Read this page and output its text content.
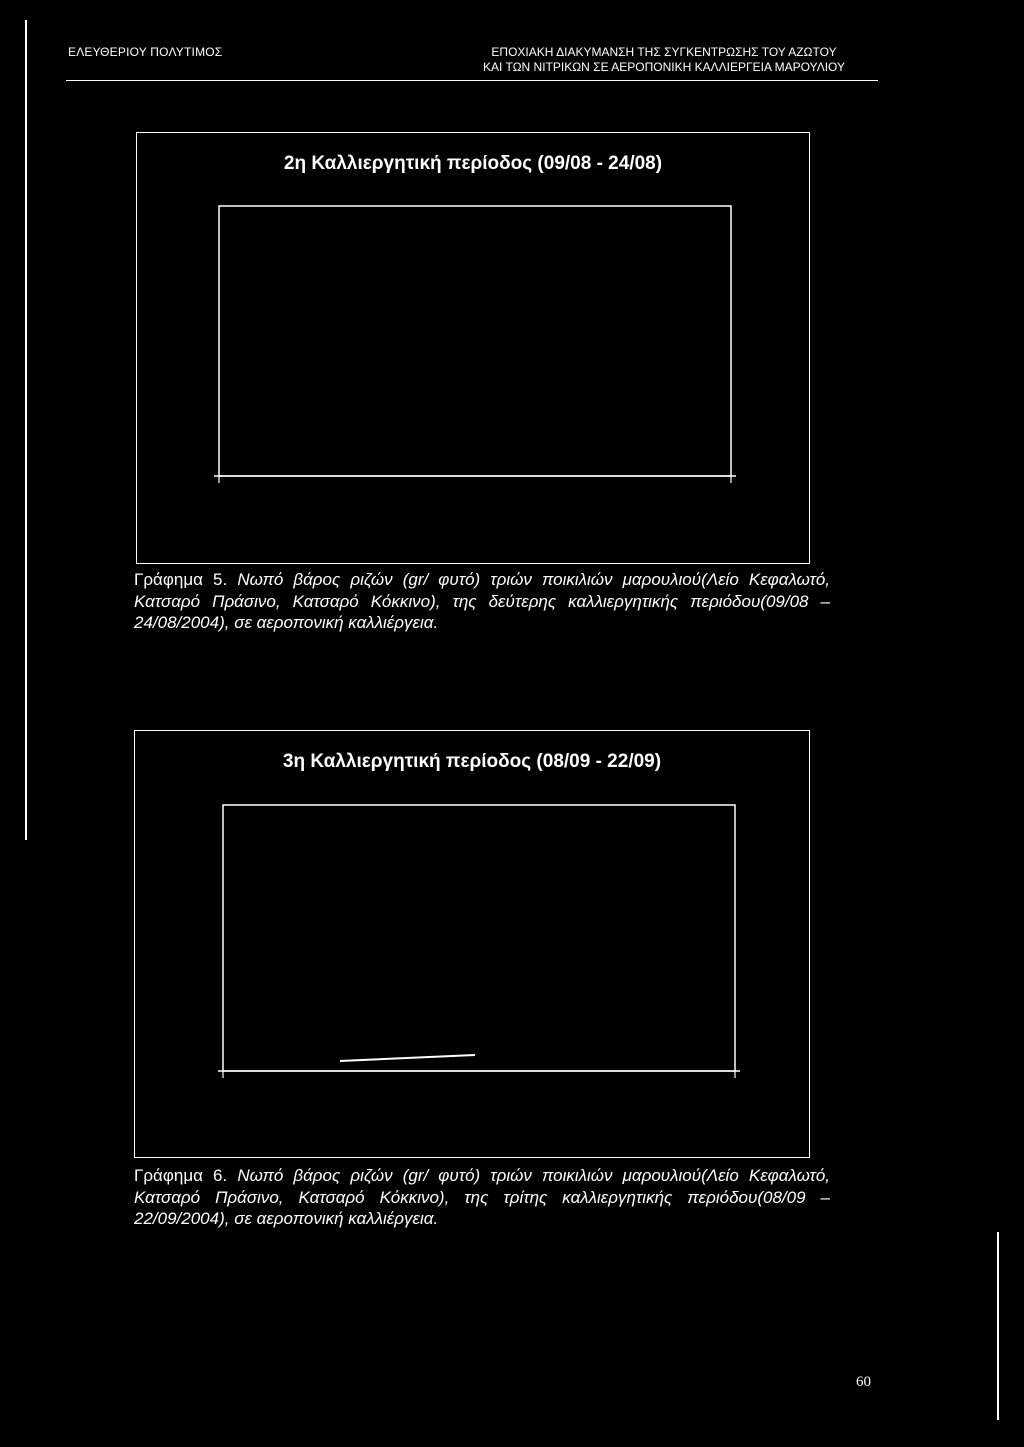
ΕΛΕΥΘΕΡΙΟΥ ΠΟΛΥΤΙΜΟΣ	ΕΠΟΧΙΑΚΗ ΔΙΑΚΥΜΑΝΣΗ ΤΗΣ ΣΥΓΚΕΝΤΡΩΣΗΣ ΤΟΥ ΑΖΩΤΟΥ
ΚΑΙ ΤΩΝ ΝΙΤΡΙΚΩΝ ΣΕ ΑΕΡΟΠΟΝΙΚΗ ΚΑΛΛΙΕΡΓΕΙΑ ΜΑΡΟΥΛΙΟΥ
2η Καλλιεργητική περίοδος (09/08 - 24/08)
Γράφημα 5. Νωπό βάρος ριζών (gr/ φυτό) τριών ποικιλιών μαρουλιού(Λείο Κεφαλωτό, Κατσαρό Πράσινο, Κατσαρό Κόκκινο), της δεύτερης καλλιεργητικής περιόδου(09/08 – 24/08/2004), σε αεροπονική καλλιέργεια.
3η Καλλιεργητική περίοδος (08/09 - 22/09)
Γράφημα 6. Νωπό βάρος ριζών (gr/ φυτό) τριών ποικιλιών μαρουλιού(Λείο Κεφαλωτό, Κατσαρό Πράσινο, Κατσαρό Κόκκινο), της τρίτης καλλιεργητικής περιόδου(08/09 – 22/09/2004), σε αεροπονική καλλιέργεια.
60
